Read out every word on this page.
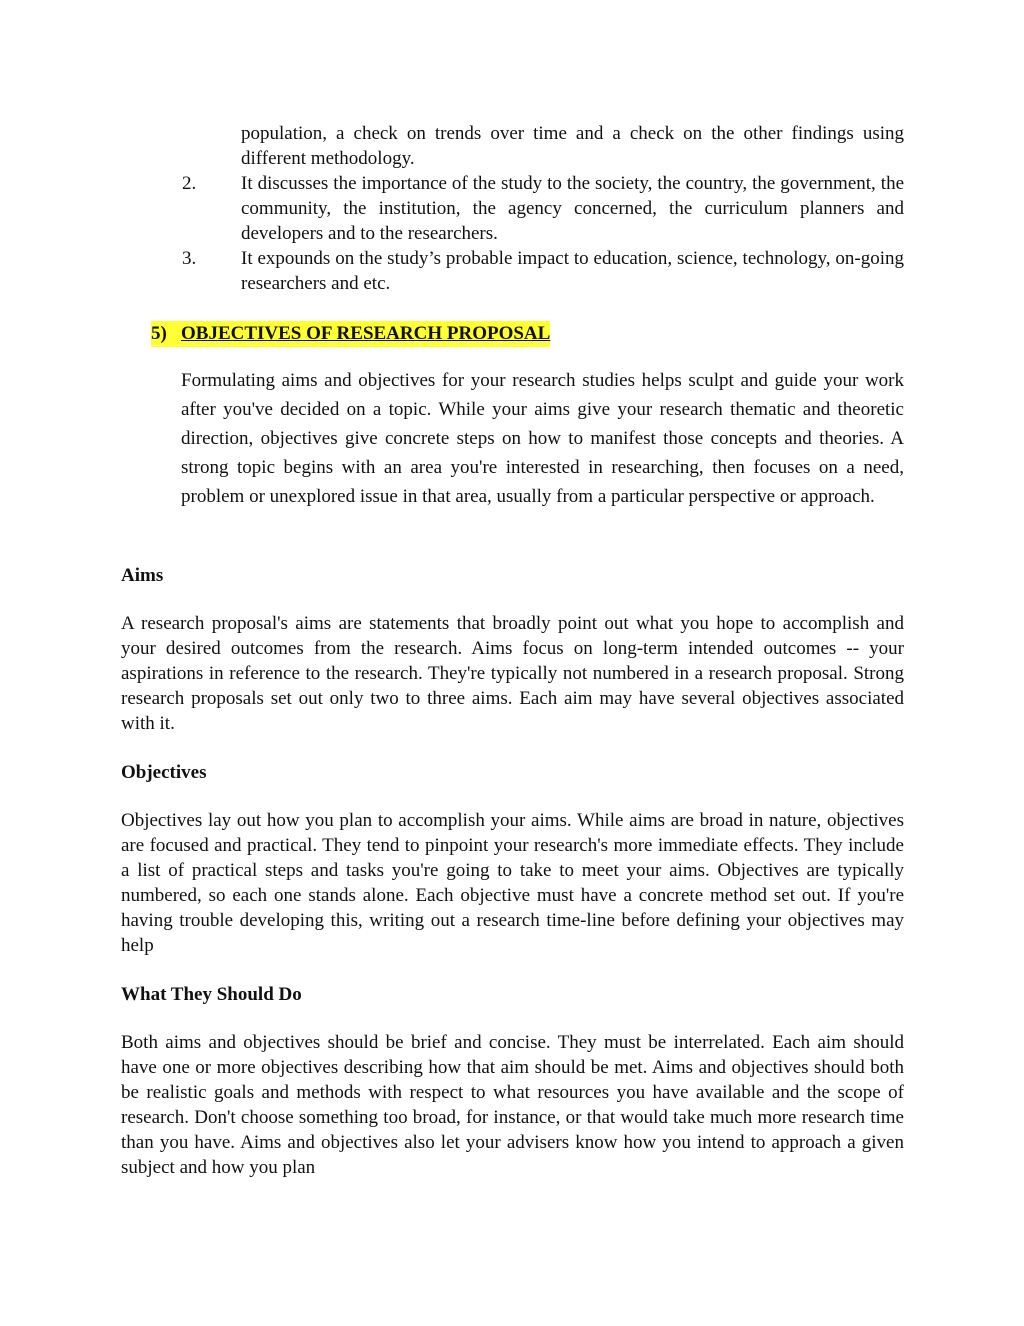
population, a check on trends over time and a check on the other findings using different methodology.
2.	It discusses the importance of the study to the society, the country, the government, the community, the institution, the agency concerned, the curriculum planners and developers and to the researchers.
3.	It expounds on the study’s probable impact to education, science, technology, on-going researchers and etc.
5) OBJECTIVES OF RESEARCH PROPOSAL

Formulating aims and objectives for your research studies helps sculpt and guide your work after you've decided on a topic. While your aims give your research thematic and theoretic direction, objectives give concrete steps on how to manifest those concepts and theories. A strong topic begins with an area you're interested in researching, then focuses on a need, problem or unexplored issue in that area, usually from a particular perspective or approach.

Aims

A research proposal's aims are statements that broadly point out what you hope to accomplish and your desired outcomes from the research. Aims focus on long-term intended outcomes -- your aspirations in reference to the research. They're typically not numbered in a research proposal. Strong research proposals set out only two to three aims. Each aim may have several objectives associated with it.

Objectives

Objectives lay out how you plan to accomplish your aims. While aims are broad in nature, objectives are focused and practical. They tend to pinpoint your research's more immediate effects. They include a list of practical steps and tasks you're going to take to meet your aims. Objectives are typically numbered, so each one stands alone. Each objective must have a concrete method set out. If you're having trouble developing this, writing out a research time-line before defining your objectives may help

What They Should Do

Both aims and objectives should be brief and concise. They must be interrelated. Each aim should have one or more objectives describing how that aim should be met. Aims and objectives should both be realistic goals and methods with respect to what resources you have available and the scope of research. Don't choose something too broad, for instance, or that would take much more research time than you have. Aims and objectives also let your advisers know how you intend to approach a given subject and how you plan
